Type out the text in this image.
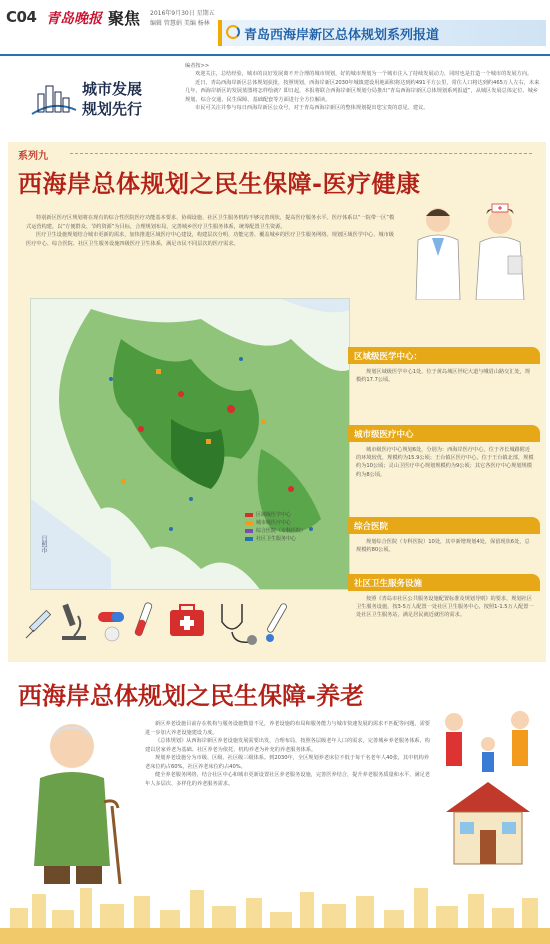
C04 青岛晚报 聚焦 2016年9月30日 星期五
编辑 管慧娟 美编 杨林
青岛西海岸新区总体规划系列报道
城市发展
规划先行

编者按>>

欢迎关注，总结经验，城市的良好发展离不开合理的城市规划，好的城市规划为一个城市注入了持续发展动力，同时也是打造一个城市的发展方向。

近日，青岛西海岸新区总体规划获批，按照规划，西海岸新区2030年城镇建设用地面积将达到约491平方公里，常住人口将达到约465万人左右，未来几年，西海岸新区的发展蓝图将怎样绘就？即日起，本报将联合西海岸新区规划分局推出“青岛西海岸新区总体规划系列报道”，从城区发展总体定位、城乡规划、综合交通、民生保障、基础配套等方面进行全方位解读。

市民可关注并参与每日西海岸新区公众号，对于青岛西海岸新区的整体规划提出您宝贵的意见、建议。

系列九
西海岸总体规划之民生保障-医疗健康

特别新区医疗区规划将在现有的综合性医院医疗功能基本要求、协调设施、社区卫生服务机构不够完善现状，提高医疗服务水平。医疗体系以“一院带一区”模式运营构建，以“方便群众、节约资源”为目标，合理规划布局，完善城乡医疗卫生服务体系，统筹配置卫生资源。

医疗卫生设施规划结合城市更新的需求，加快推进区域医疗中心建设，构建层次分明、功能完善、覆盖城乡的医疗卫生服务网络。规划区域医学中心、城市级医疗中心、综合医院、社区卫生服务设施四级医疗卫生体系，满足市民不同层次的医疗需求。

区域级医学中心
城市级医疗中心
综合医院（专科医院）
社区卫生服务中心
日照市
区域级医学中心：
规划区域级医学中心1处，位于黄岛城区世纪大道与峨眉山路交汇处，规模约17.7公顷。
城市级医疗中心
城市级医疗中心规划6处，分别为：西海岸医疗中心，位于齐长城路附近的环境较优，规模约为15.9公顷；王台镇区医疗中心，位于王台镇北部，规模约为10公顷；灵山卫医疗中心规划规模约为9公顷；其它各医疗中心规划规模约为8公顷。
综合医院
规划综合医院（专科医院）10处，其中新增规划4处，保留现状6处，总规模约80公顷。
社区卫生服务设施
按照《青岛市社区公共服务设施配置标准及规划导则》的要求，规划社区卫生服务设施，按3-5万人配置一处社区卫生服务中心，按照1-1.5万人配置一处社区卫生服务站，满足居民就近就医的需求。
西海岸总体规划之民生保障-养老

新区养老设施目前存在机构与服务设施数量不足，养老设施的布局和服务能力与城市快速发展的需求不匹配等问题，需要进一步加大养老设施建设力度。

《总体规划》从西海岸新区养老设施发展需要出发，合理布局，按照各层级老年人口的需求，完善城乡养老服务体系，构建以居家养老为基础、社区养老为依托、机构养老为补充的养老服务体系。

规划养老设施分为市级、区级、社区级三级体系。到2030年，全区规划养老床位不低于每千名老年人40张，其中机构养老床位约占60%，社区养老床位约占40%。

健全养老服务网络，结合社区中心和城市更新设置社区养老服务设施，完善医养结合，提升养老服务质量和水平，满足老年人多层次、多样化的养老服务需求。
